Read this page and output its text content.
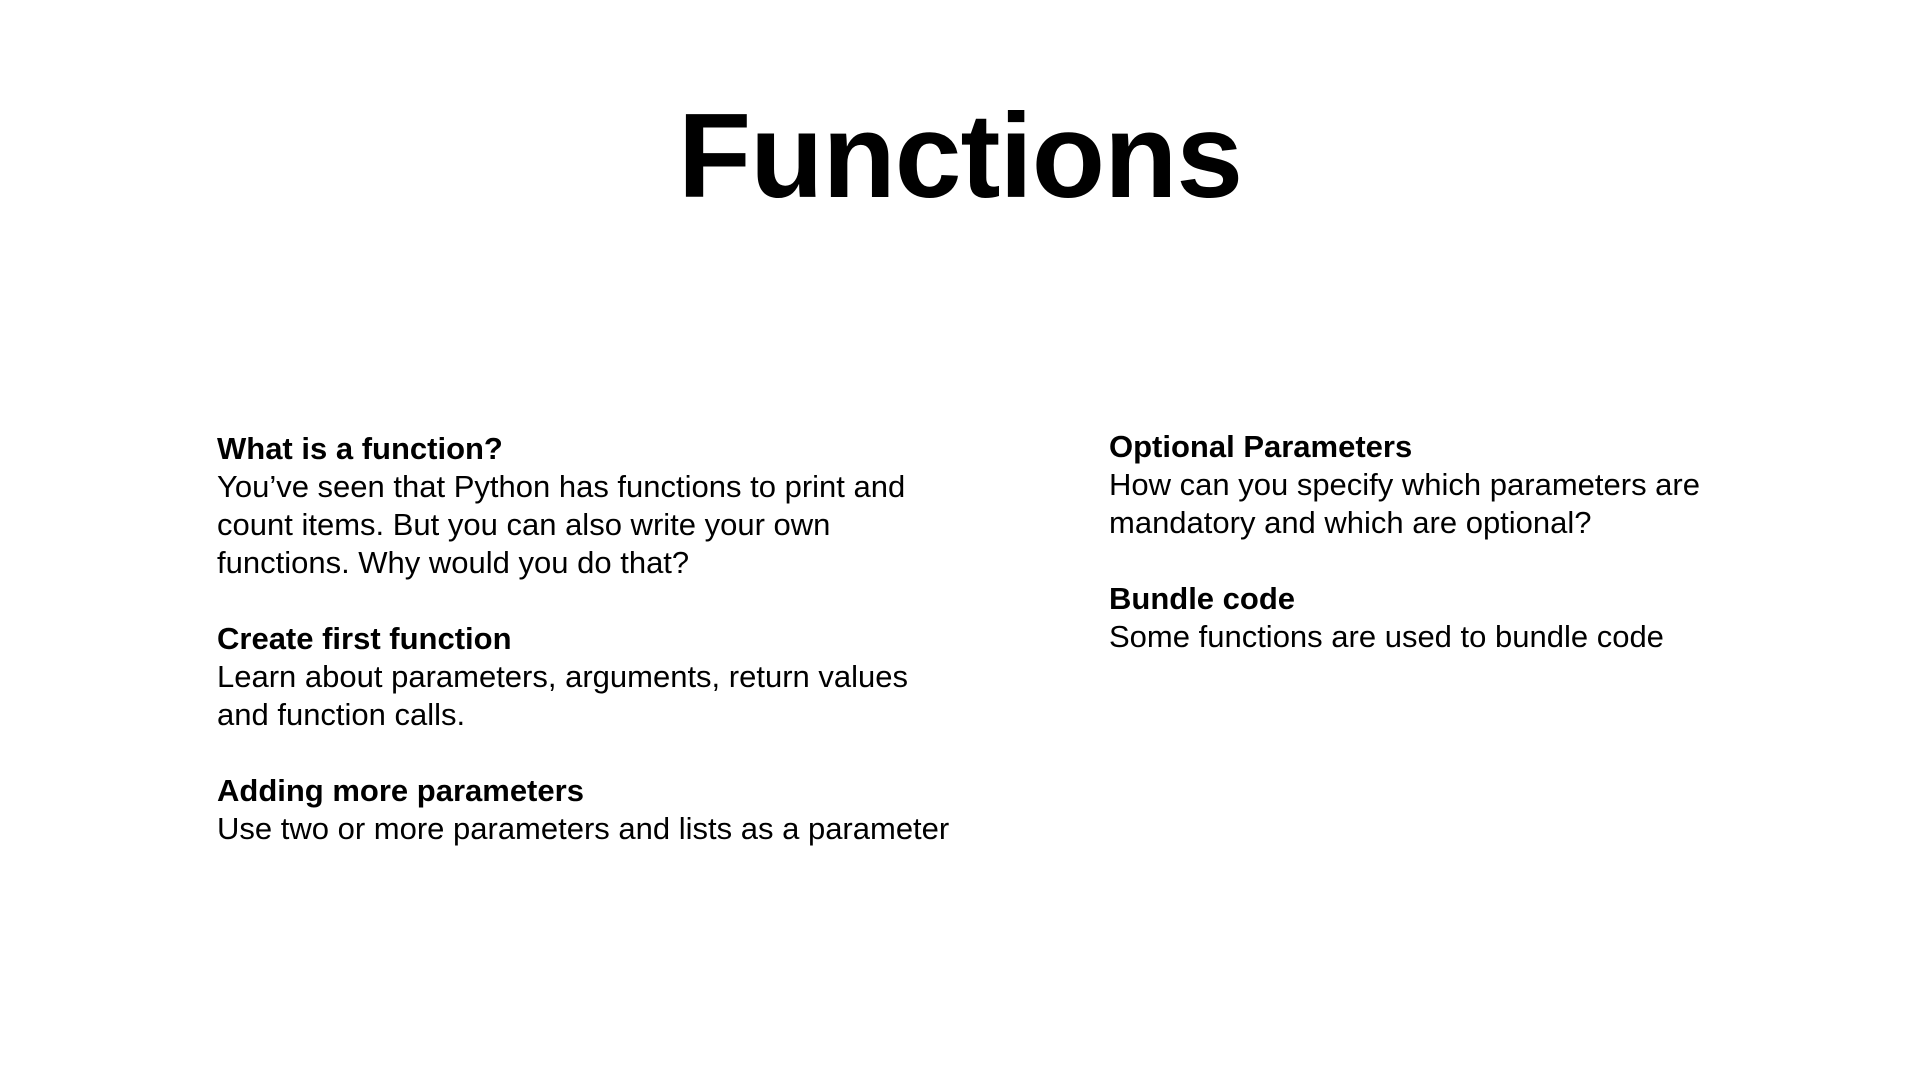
Functions
What is a function?
You’ve seen that Python has functions to print and
count items. But you can also write your own
functions. Why would you do that?
Create first function
Learn about parameters, arguments, return values
and function calls.
Adding more parameters
Use two or more parameters and lists as a parameter
Optional Parameters
How can you specify which parameters are
mandatory and which are optional?
Bundle code
Some functions are used to bundle code
